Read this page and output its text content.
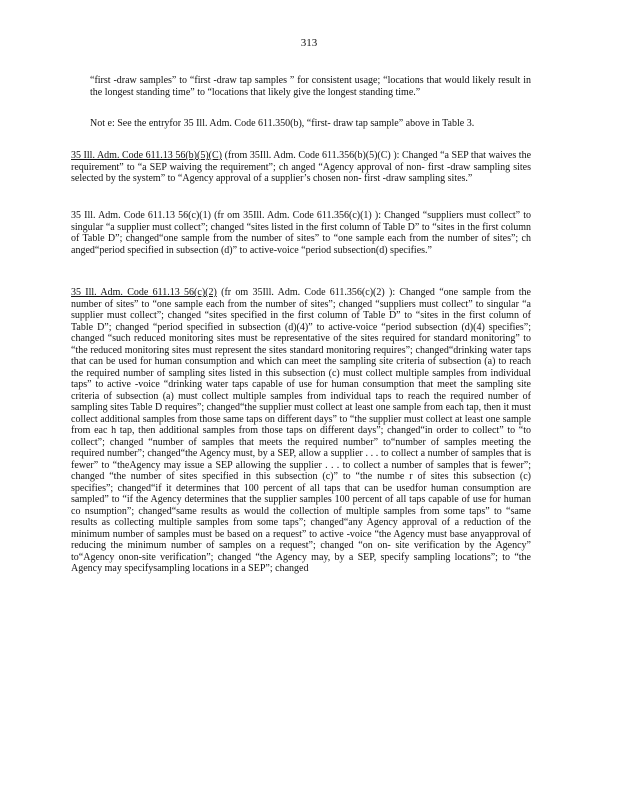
313
“first -draw samples” to “first -draw tap samples ” for consistent usage; “locations that would likely result in the longest standing time” to “locations that likely give the longest standing time.”
Not e: See the entryfor 35 Ill. Adm. Code 611.350(b), “first- draw tap sample” above in Table 3.
35 Ill. Adm. Code 611.13 56(b)(5)(C) (from 35Ill. Adm. Code 611.356(b)(5)(C) ): Changed “a SEP that waives the requirement” to “a SEP waiving the requirement”; ch anged “Agency approval of non- first -draw sampling sites selected by the system” to “Agency approval of a supplier’s chosen non- first -draw sampling sites.”
35 Ill. Adm. Code 611.13 56(c)(1) (fr om 35Ill. Adm. Code 611.356(c)(1) ): Changed “suppliers must collect” to singular “a supplier must collect”; changed “sites listed in the first column of Table D” to “sites in the first column of Table D”; changed“one sample from the number of sites” to “one sample each from the number of sites”; ch anged“period specified in subsection (d)” to active-voice “period subsection(d) specifies.”
35 Ill. Adm. Code 611.13 56(c)(2) (fr om 35Ill. Adm. Code 611.356(c)(2) ): Changed “one sample from the number of sites” to “one sample each from the number of sites”; changed “suppliers must collect” to singular “a supplier must collect”; changed “sites specified in the first column of Table D” to “sites in the first column of Table D”; changed “period specified in subsection (d)(4)” to active-voice “period subsection (d)(4) specifies”; changed “such reduced monitoring sites must be representative of the sites required for standard monitoring” to “the reduced monitoring sites must represent the sites standard monitoring requires”; changed“drinking water taps that can be used for human consumption and which can meet the sampling site criteria of subsection (a) to reach the required number of sampling sites listed in this subsection (c) must collect multiple samples from individual taps” to active -voice “drinking water taps capable of use for human consumption that meet the sampling site criteria of subsection (a) must collect multiple samples from individual taps to reach the required number of sampling sites Table D requires”; changed“the supplier must collect at least one sample from each tap, then it must collect additional samples from those same taps on different days” to “the supplier must collect at least one sample from eac h tap, then additional samples from those taps on different days”; changed“in order to collect” to “to collect”; changed “number of samples that meets the required number” to“number of samples meeting the required number”; changed“the Agency must, by a SEP, allow a supplier . . . to collect a number of samples that is fewer” to “theAgency may issue a SEP allowing the supplier . . . to collect a number of samples that is fewer”; changed “the number of sites specified in this subsection (c)” to “the numbe r of sites this subsection (c) specifies”; changed“if it determines that 100 percent of all taps that can be usedfor human consumption are sampled” to “if the Agency determines that the supplier samples 100 percent of all taps capable of use for human co nsumption”; changed“same results as would the collection of multiple samples from some taps” to “same results as collecting multiple samples from some taps”; changed“any Agency approval of a reduction of the minimum number of samples must be based on a request” to active -voice “the Agency must base anyapproval of reducing the minimum number of samples on a request”; changed “on on- site verification by the Agency” to“Agency onon-site verification”; changed “the Agency may, by a SEP, specify sampling locations”; to “the Agency may specifysampling locations in a SEP”; changed
